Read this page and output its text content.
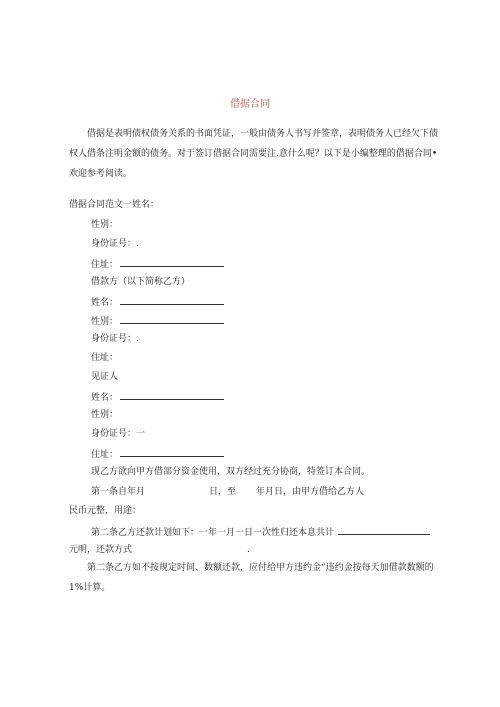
借据合同

借据是表明债权债务关系的书面凭证，一般由债务人书写并签章，表明债务人已经欠下债权人借条注明金额的债务。对于签订借据合同需要注.意什么呢？以下是小编整理的借据合同•欢迎参考阅读。

借据合同范文一姓名：
性别：
身份证号：.
住址：
借款方（以下简称乙方）
姓名：
性别：
身份证号：.
住址：
见证人
姓名：
性别：
身份证号：一
住址：
现乙方欲向甲方借部分资金使用，双方经过充分协商，特签订本合同。
第一条自年月	日，至 年月日，由甲方借给乙方人
民币元整，用途：
第二条乙方还款计划如下：一年一月一日一次性归还本息共计
元明，还款方式	.

第二条乙方如不按规定时间、数额还款，应付给甲方违约金“违约金按每天加借款数额的1%计算。
